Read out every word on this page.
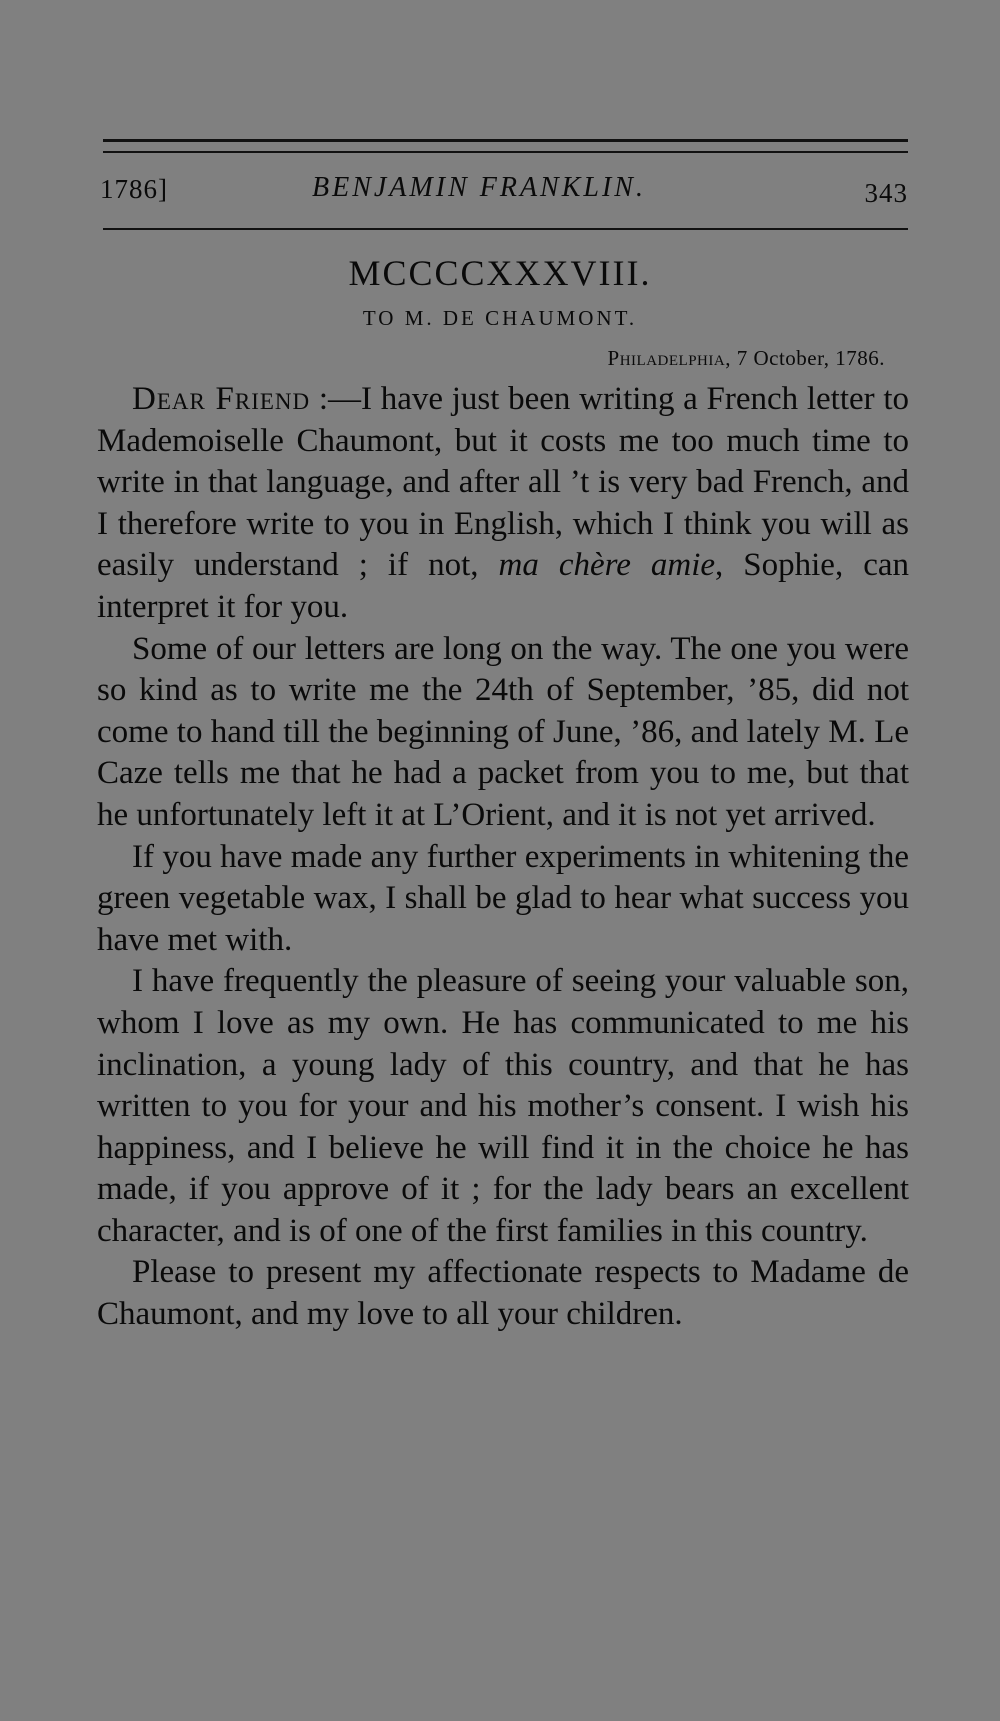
1786]	BENJAMIN FRANKLIN.	343
MCCCCXXXVIII.
TO M. DE CHAUMONT.
Philadelphia, 7 October, 1786.

Dear Friend :—I have just been writing a French letter to Mademoiselle Chaumont, but it costs me too much time to write in that language, and after all ’t is very bad French, and I therefore write to you in English, which I think you will as easily understand ; if not, ma chère amie, Sophie, can interpret it for you.

Some of our letters are long on the way. The one you were so kind as to write me the 24th of September, ’85, did not come to hand till the beginning of June, ’86, and lately M. Le Caze tells me that he had a packet from you to me, but that he unfortunately left it at L’Orient, and it is not yet arrived.

If you have made any further experiments in whitening the green vegetable wax, I shall be glad to hear what success you have met with.

I have frequently the pleasure of seeing your valuable son, whom I love as my own. He has communicated to me his inclination, a young lady of this country, and that he has written to you for your and his mother’s consent. I wish his happiness, and I believe he will find it in the choice he has made, if you approve of it ; for the lady bears an excellent character, and is of one of the first families in this country.

Please to present my affectionate respects to Madame de Chaumont, and my love to all your children.
